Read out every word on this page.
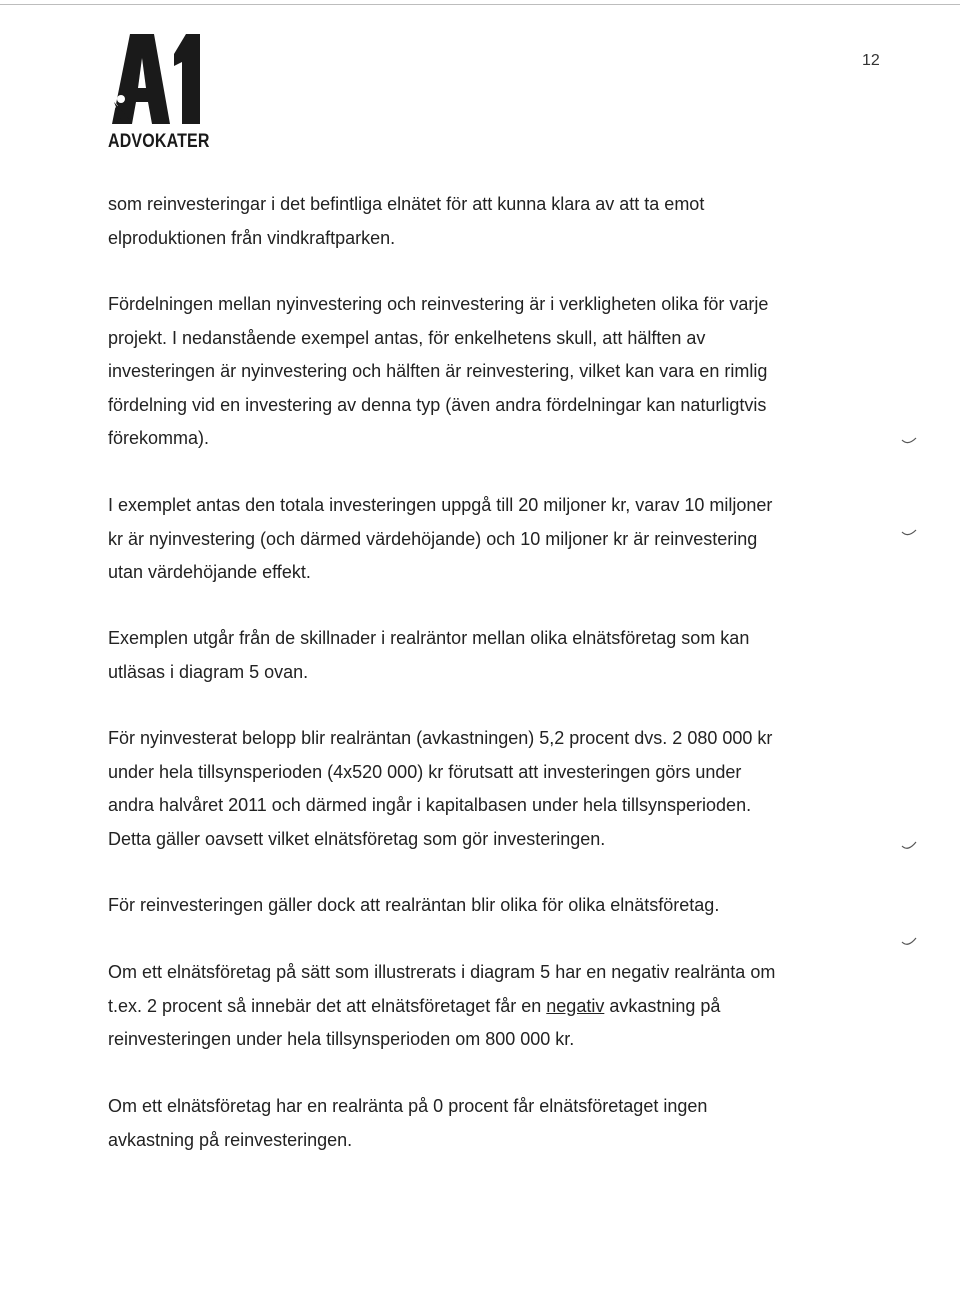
ADVOKATER
12

som reinvesteringar i det befintliga elnätet för att kunna klara av att ta emot
elproduktionen från vindkraftparken.

Fördelningen mellan nyinvestering och reinvestering är i verkligheten olika för varje
projekt. I nedanstående exempel antas, för enkelhetens skull, att hälften av
investeringen är nyinvestering och hälften är reinvestering, vilket kan vara en rimlig
fördelning vid en investering av denna typ (även andra fördelningar kan naturligtvis
förekomma).

I exemplet antas den totala investeringen uppgå till 20 miljoner kr, varav 10 miljoner
kr är nyinvestering (och därmed värdehöjande) och 10 miljoner kr är reinvestering
utan värdehöjande effekt.

Exemplen utgår från de skillnader i realräntor mellan olika elnätsföretag som kan
utläsas i diagram 5 ovan.

För nyinvesterat belopp blir realräntan (avkastningen) 5,2 procent dvs. 2 080 000 kr
under hela tillsynsperioden (4x520 000) kr förutsatt att investeringen görs under
andra halvåret 2011 och därmed ingår i kapitalbasen under hela tillsynsperioden.
Detta gäller oavsett vilket elnätsföretag som gör investeringen.

För reinvesteringen gäller dock att realräntan blir olika för olika elnätsföretag.

Om ett elnätsföretag på sätt som illustrerats i diagram 5 har en negativ realränta om
t.ex. 2 procent så innebär det att elnätsföretaget får en negativ avkastning på
reinvesteringen under hela tillsynsperioden om 800 000 kr.

Om ett elnätsföretag har en realränta på 0 procent får elnätsföretaget ingen
avkastning på reinvesteringen.
